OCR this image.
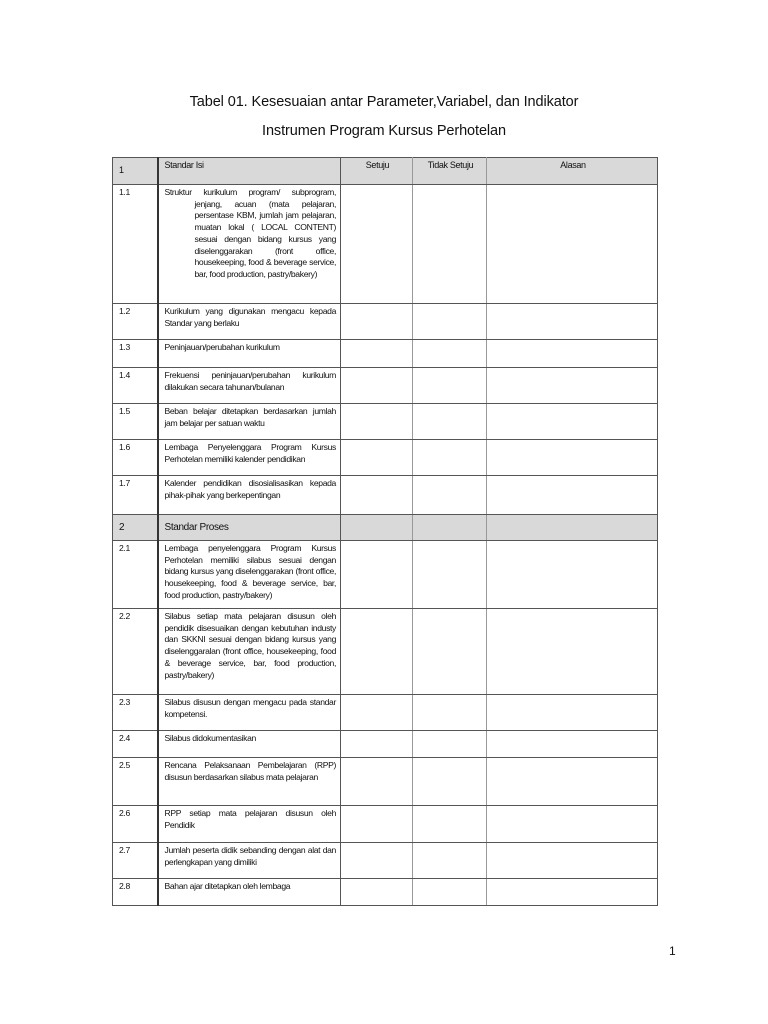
Tabel 01. Kesesuaian antar Parameter,Variabel, dan Indikator
Instrumen Program Kursus Perhotelan
1	Standar Isi	Setuju	Tidak Setuju	Alasan
1.1	Struktur kurikulum program/ subprogram, jenjang, acuan (mata pelajaran, persentase KBM, jumlah jam pelajaran, muatan lokal ( LOCAL CONTENT) sesuai dengan bidang kursus yang diselenggarakan (front office, housekeeping, food & beverage service, bar, food production, pastry/bakery)			

1.2	Kurikulum yang digunakan mengacu kepada Standar yang berlaku			
1.3	Peninjauan/perubahan kurikulum			
1.4	Frekuensi peninjauan/perubahan kurikulum dilakukan secara tahunan/bulanan			
1.5	Beban belajar ditetapkan berdasarkan jumlah jam belajar per satuan waktu			
1.6	Lembaga Penyelenggara Program Kursus Perhotelan memiliki kalender pendidikan			
1.7	Kalender pendidikan disosialisasikan kepada pihak-pihak yang berkepentingan			
2	Standar Proses			
2.1	Lembaga penyelenggara Program Kursus Perhotelan memiliki silabus sesuai dengan bidang kursus yang diselenggarakan (front office, housekeeping, food & beverage service, bar, food production, pastry/bakery)			
2.2	Silabus setiap mata pelajaran disusun oleh pendidik disesuaikan dengan kebutuhan industy dan SKKNI sesuai dengan bidang kursus yang diselenggaralan (front office, housekeeping, food & beverage service, bar, food production, pastry/bakery)			
2.3	Silabus disusun dengan mengacu pada standar kompetensi.			
2.4	Silabus didokumentasikan			
2.5	Rencana Pelaksanaan Pembelajaran (RPP) disusun berdasarkan silabus mata pelajaran			
2.6	RPP setiap mata pelajaran disusun oleh Pendidik			
2.7	Jumlah peserta didik sebanding dengan alat dan perlengkapan yang dimiliki			
2.8	Bahan ajar ditetapkan oleh lembaga			
1
